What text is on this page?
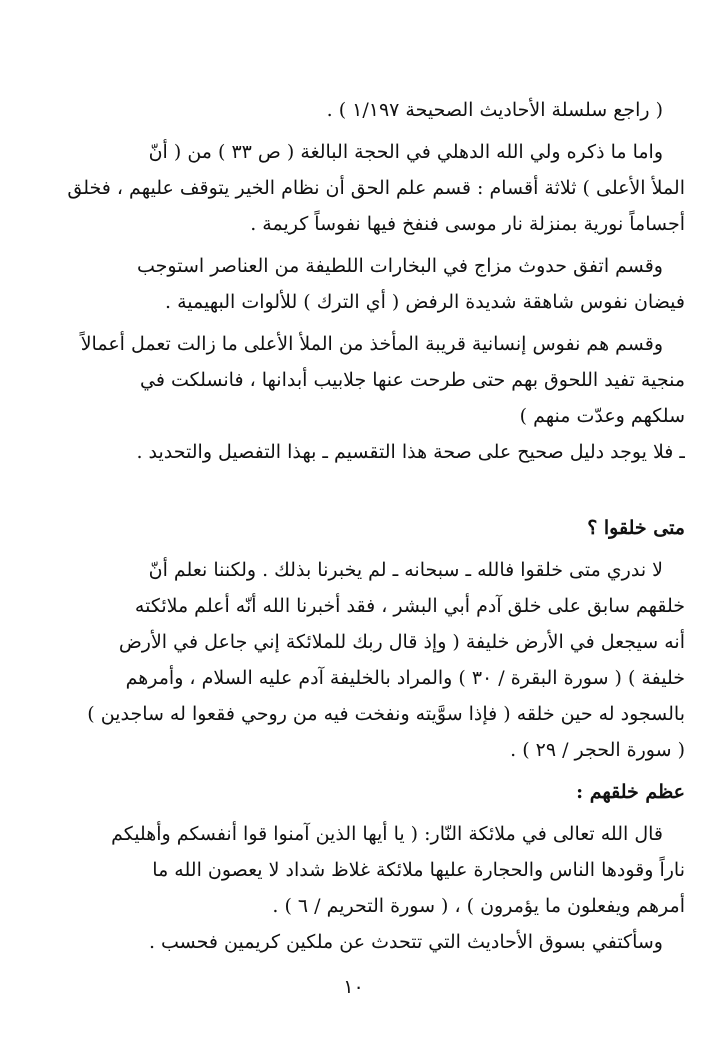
( راجع سلسلة الأحاديث الصحيحة ١/١٩٧ ) .
واما ما ذكره ولي الله الدهلي في الحجة البالغة ( ص ٣٣ ) من ( أنّ
الملأ الأعلى ) ثلاثة أقسام : قسم علم الحق أن نظام الخير يتوقف عليهم ، فخلق
أجساماً نورية بمنزلة نار موسى فنفخ فيها نفوساً كريمة .
وقسم اتفق حدوث مزاج في البخارات اللطيفة من العناصر استوجب
فيضان نفوس شاهقة شديدة الرفض ( أي الترك ) للألوات البهيمية .
وقسم هم نفوس إنسانية قريبة المأخذ من الملأ الأعلى ما زالت تعمل أعمالاً
منجية تفيد اللحوق بهم حتى طرحت عنها جلابيب أبدانها ، فانسلكت في
سلكهم وعدّت منهم )
ـ فلا يوجد دليل صحيح على صحة هذا التقسيم ـ بهذا التفصيل والتحديد .
متى خلقوا ؟
لا ندري متى خلقوا فالله ـ سبحانه ـ لم يخبرنا بذلك . ولكننا نعلم أنّ
خلقهم سابق على خلق آدم أبي البشر ، فقد أخبرنا الله أنّه أعلم ملائكته
أنه سيجعل في الأرض خليفة ( وإذ قال ربك للملائكة إني جاعل في الأرض
خليفة ) ( سورة البقرة / ٣٠ ) والمراد بالخليفة آدم عليه السلام ، وأمرهم
بالسجود له حين خلقه ( فإذا سوَّيته ونفخت فيه من روحي فقعوا له ساجدين )
( سورة الحجر / ٢٩ ) .
عظم خلقهم :
قال الله تعالى في ملائكة النّار: ( يا أيها الذين آمنوا قوا أنفسكم وأهليكم
ناراً وقودها الناس والحجارة عليها ملائكة غلاظ شداد لا يعصون الله ما
أمرهم ويفعلون ما يؤمرون ) ، ( سورة التحريم / ٦ ) .
وسأكتفي بسوق الأحاديث التي تتحدث عن ملكين كريمين فحسب .
١٠
